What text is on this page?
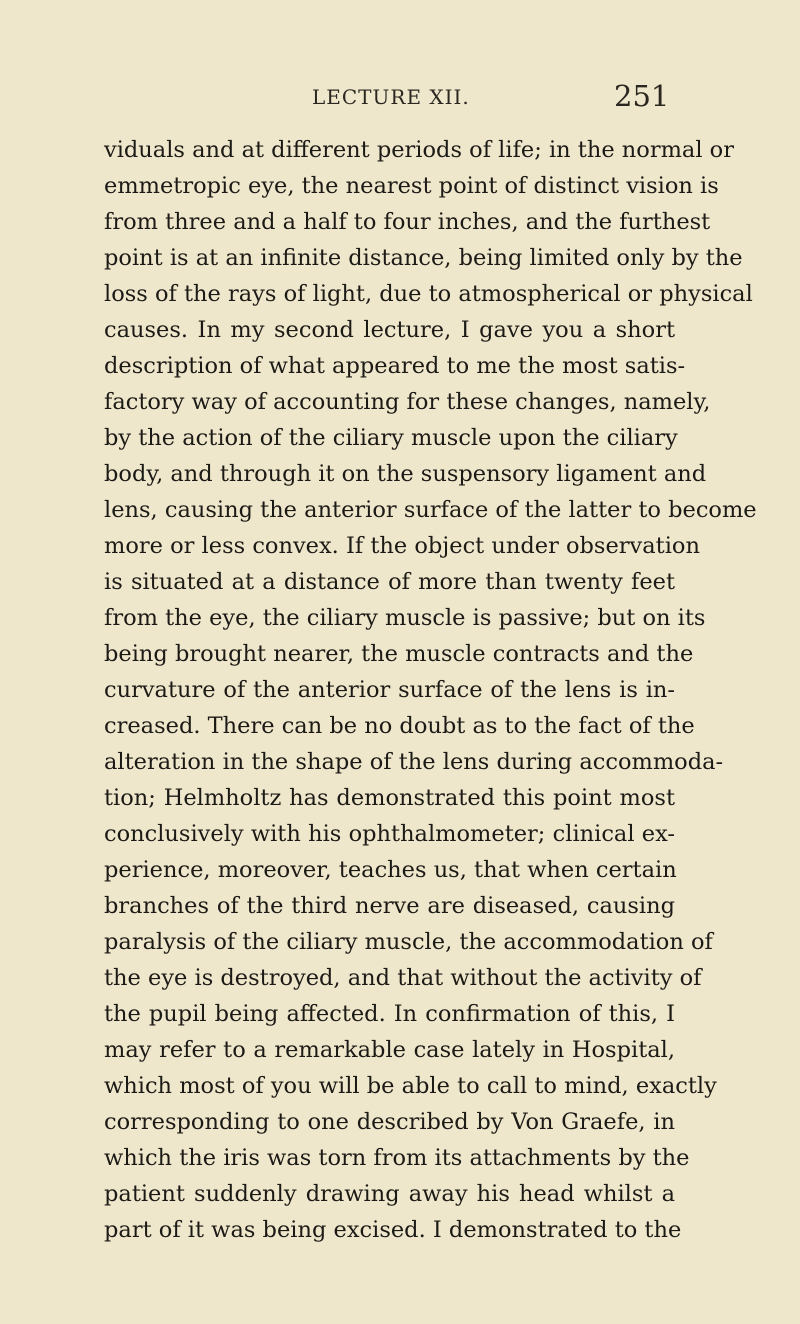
LECTURE XII.	251
viduals and at different periods of life; in the normal or
emmetropic eye, the nearest point of distinct vision is
from three and a half to four inches, and the furthest
point is at an infinite distance, being limited only by the
loss of the rays of light, due to atmospherical or physical
causes. In my second lecture, I gave you a short
description of what appeared to me the most satis-
factory way of accounting for these changes, namely,
by the action of the ciliary muscle upon the ciliary
body, and through it on the suspensory ligament and
lens, causing the anterior surface of the latter to become
more or less convex. If the object under observation
is situated at a distance of more than twenty feet
from the eye, the ciliary muscle is passive; but on its
being brought nearer, the muscle contracts and the
curvature of the anterior surface of the lens is in-
creased. There can be no doubt as to the fact of the
alteration in the shape of the lens during accommoda-
tion; Helmholtz has demonstrated this point most
conclusively with his ophthalmometer; clinical ex-
perience, moreover, teaches us, that when certain
branches of the third nerve are diseased, causing
paralysis of the ciliary muscle, the accommodation of
the eye is destroyed, and that without the activity of
the pupil being affected. In confirmation of this, I
may refer to a remarkable case lately in Hospital,
which most of you will be able to call to mind, exactly
corresponding to one described by Von Graefe, in
which the iris was torn from its attachments by the
patient suddenly drawing away his head whilst a
part of it was being excised. I demonstrated to the
